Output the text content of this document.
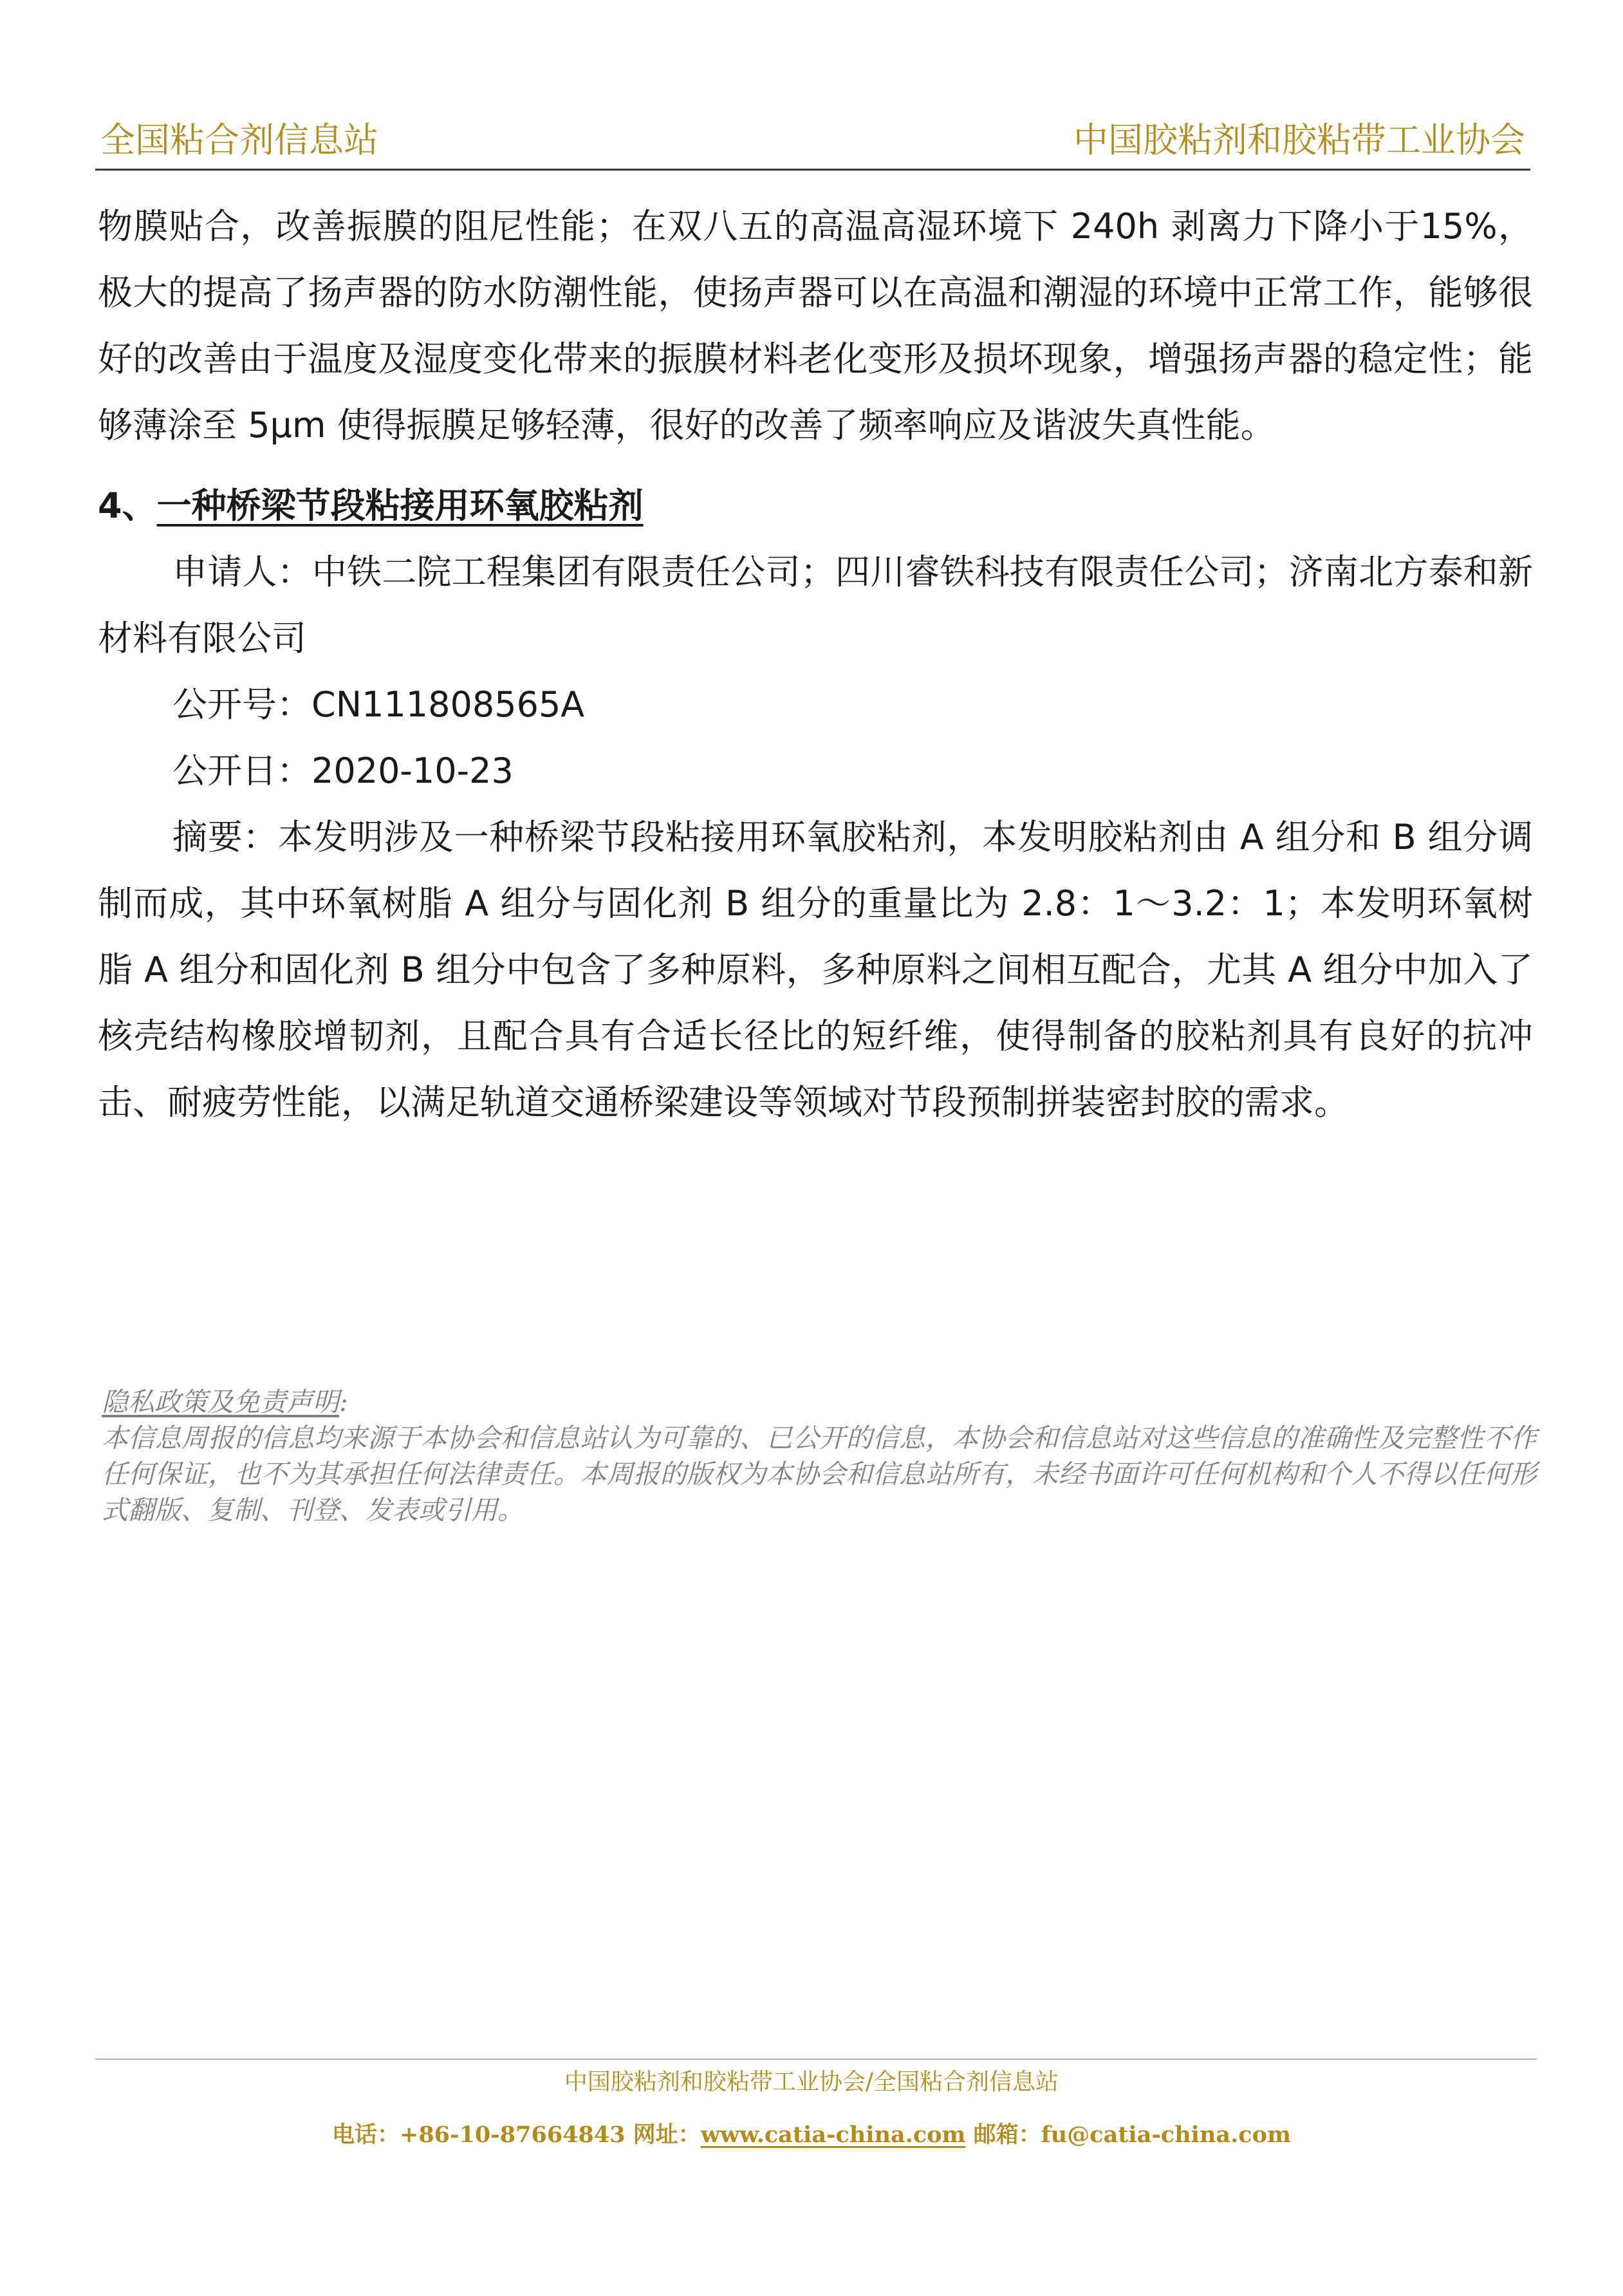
全国粘合剂信息站	中国胶粘剂和胶粘带工业协会

物膜贴合，改善振膜的阻尼性能；在双八五的高温高湿环境下 240h 剥离力下降小于15%，极大的提高了扬声器的防水防潮性能，使扬声器可以在高温和潮湿的环境中正常工作，能够很好的改善由于温度及湿度变化带来的振膜材料老化变形及损坏现象，增强扬声器的稳定性；能够薄涂至 5μm 使得振膜足够轻薄，很好的改善了频率响应及谐波失真性能。

4、一种桥梁节段粘接用环氧胶粘剂

申请人：中铁二院工程集团有限责任公司；四川睿铁科技有限责任公司；济南北方泰和新材料有限公司

公开号：CN111808565A

公开日：2020-10-23

摘要：本发明涉及一种桥梁节段粘接用环氧胶粘剂，本发明胶粘剂由 A 组分和 B 组分调制而成，其中环氧树脂 A 组分与固化剂 B 组分的重量比为 2.8：1～3.2：1；本发明环氧树脂 A 组分和固化剂 B 组分中包含了多种原料，多种原料之间相互配合，尤其 A 组分中加入了核壳结构橡胶增韧剂，且配合具有合适长径比的短纤维，使得制备的胶粘剂具有良好的抗冲击、耐疲劳性能，以满足轨道交通桥梁建设等领域对节段预制拼装密封胶的需求。

隐私政策及免责声明:
本信息周报的信息均来源于本协会和信息站认为可靠的、已公开的信息，本协会和信息站对这些信息的准确性及完整性不作任何保证，也不为其承担任何法律责任。本周报的版权为本协会和信息站所有，未经书面许可任何机构和个人不得以任何形式翻版、复制、刊登、发表或引用。
中国胶粘剂和胶粘带工业协会/全国粘合剂信息站
电话：+86-10-87664843 网址：www.catia-china.com 邮箱：fu@catia-china.com
